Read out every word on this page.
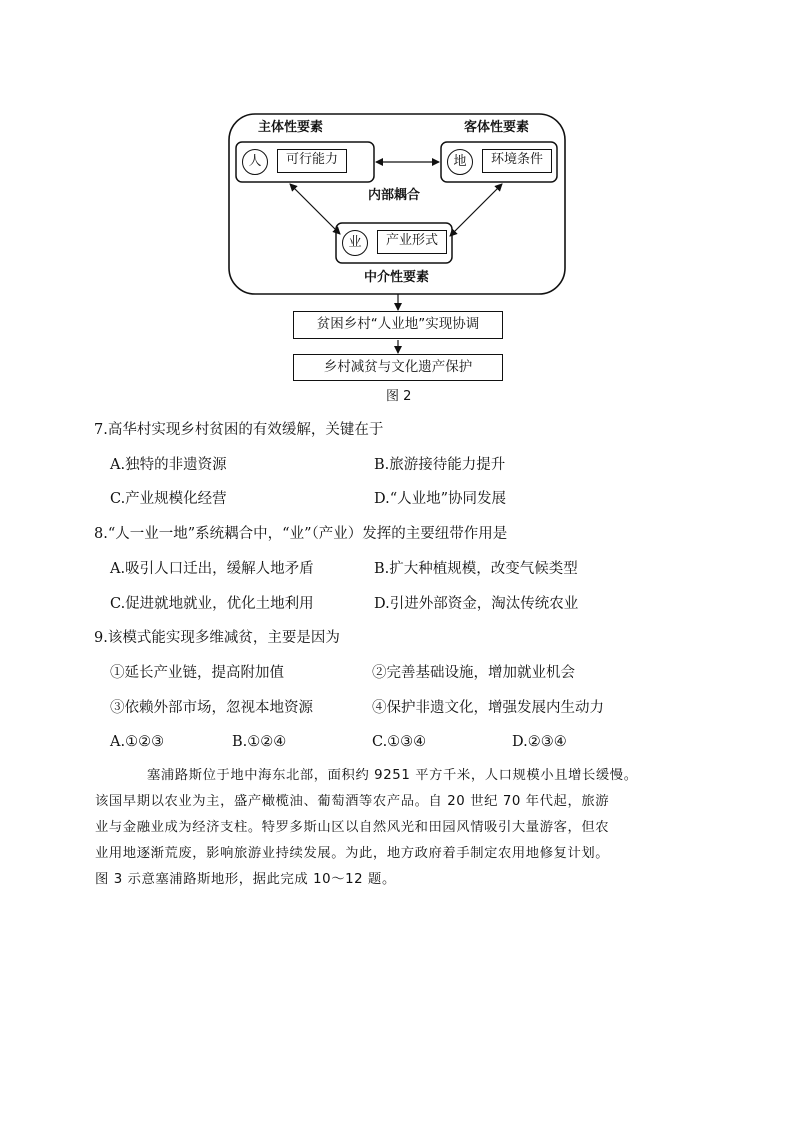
主体性要素	客体性要素
内部耦合
中介性要素
人	可行能力	地	环境条件
业	产业形式
贫困乡村“人业地”实现协调
乡村减贫与文化遗产保护
图 2
7.高华村实现乡村贫困的有效缓解，关键在于
A.独特的非遗资源	B.旅游接待能力提升
C.产业规模化经营	D.“人业地”协同发展
8.“人一业一地”系统耦合中，“业”（产业）发挥的主要纽带作用是
A.吸引人口迁出，缓解人地矛盾	B.扩大种植规模，改变气候类型
C.促进就地就业，优化土地利用	D.引进外部资金，淘汰传统农业
9.该模式能实现多维减贫，主要是因为
①延长产业链，提高附加值	②完善基础设施，增加就业机会
③依赖外部市场，忽视本地资源	④保护非遗文化，增强发展内生动力
A.①②③	B.①②④	C.①③④	D.②③④

塞浦路斯位于地中海东北部，面积约 9251 平方千米，人口规模小且增长缓慢。

该国早期以农业为主，盛产橄榄油、葡萄酒等农产品。自 20 世纪 70 年代起，旅游

业与金融业成为经济支柱。特罗多斯山区以自然风光和田园风情吸引大量游客，但农

业用地逐渐荒废，影响旅游业持续发展。为此，地方政府着手制定农用地修复计划。

图 3 示意塞浦路斯地形，据此完成 10～12 题。
